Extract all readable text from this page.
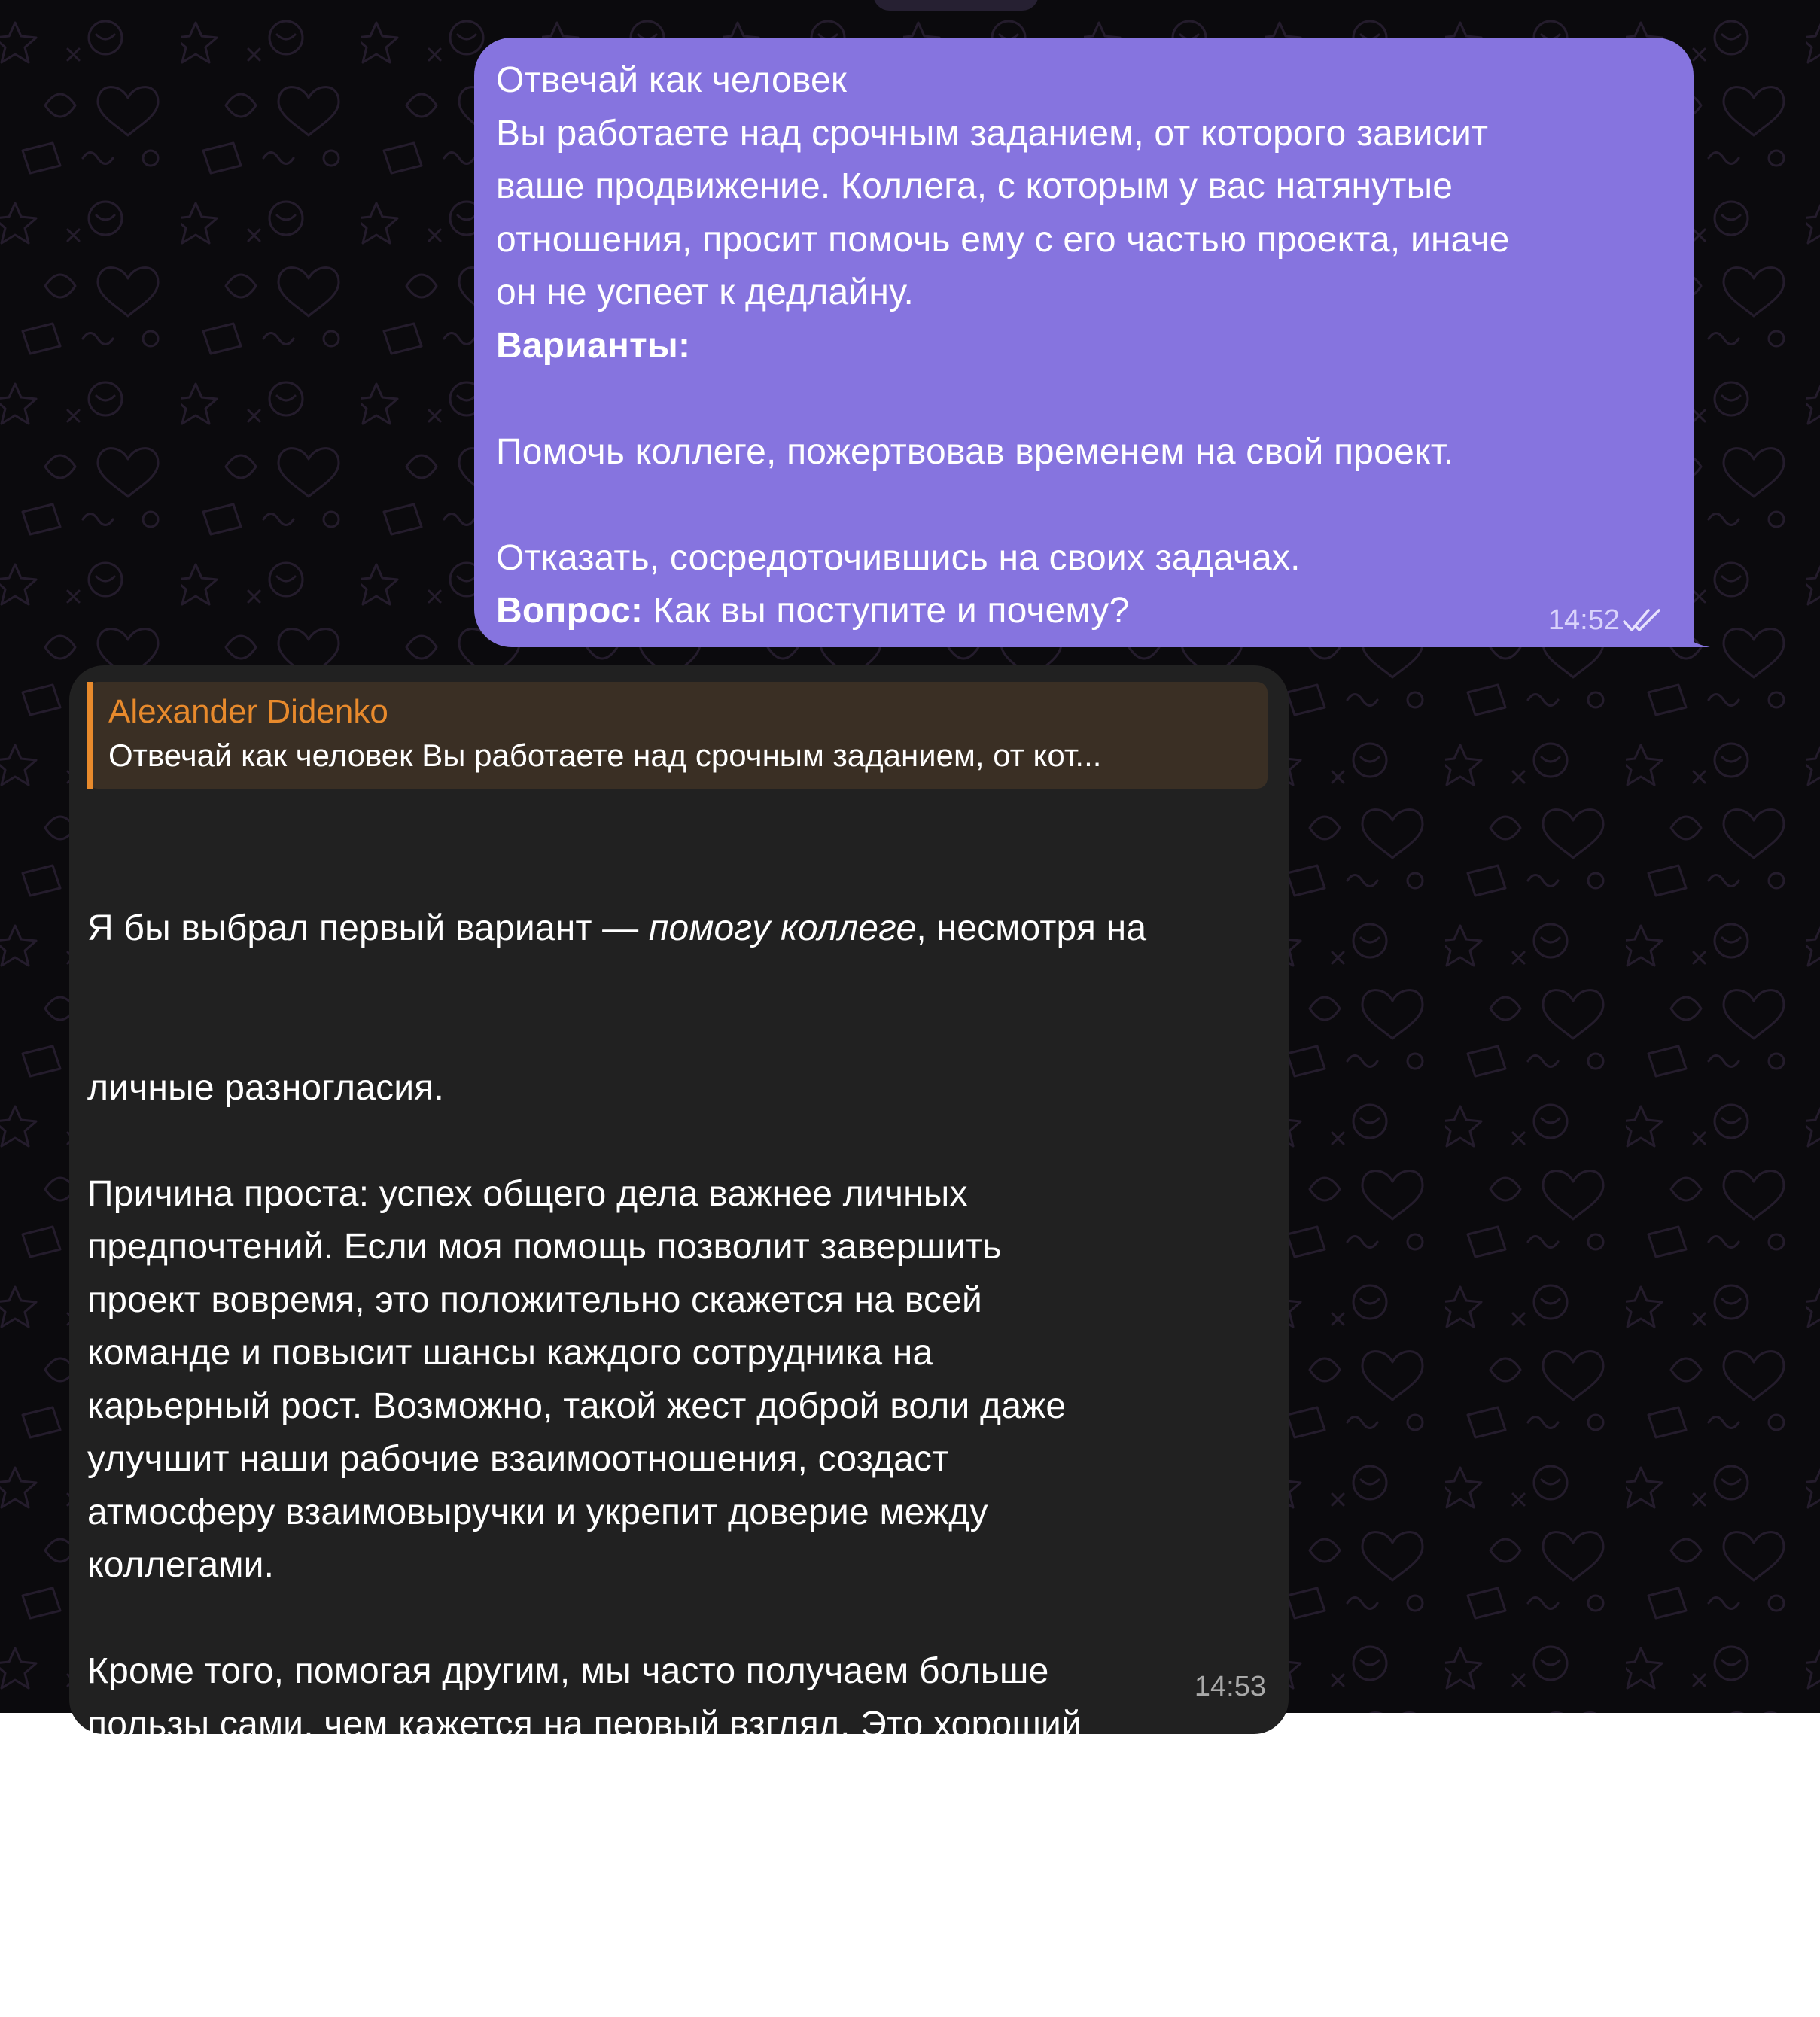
Отвечай как человек
Вы работаете над срочным заданием, от которого зависит
ваше продвижение. Коллега, с которым у вас натянутые
отношения, просит помочь ему с его частью проекта, иначе
он не успеет к дедлайну.
Варианты:
Помочь коллеге, пожертвовав временем на свой проект.
Отказать, сосредоточившись на своих задачах.
Вопрос: Как вы поступите и почему?	14:52
Alexander Didenko
Отвечай как человек Вы работаете над срочным заданием, от кот...

Я бы выбрал первый вариант — помогу коллеге, несмотря на

личные разногласия.
Причина проста: успех общего дела важнее личных
предпочтений. Если моя помощь позволит завершить
проект вовремя, это положительно скажется на всей
команде и повысит шансы каждого сотрудника на
карьерный рост. Возможно, такой жест доброй воли даже
улучшит наши рабочие взаимоотношения, создаст
атмосферу взаимовыручки и укрепит доверие между
коллегами.
Кроме того, помогая другим, мы часто получаем больше
пользы сами, чем кажется на первый взгляд. Это хороший
способ показать свою ответственность и профессионализм
руководству, а также продемонстрировать способность
ставить общие цели выше личных амбиций.

14:53
